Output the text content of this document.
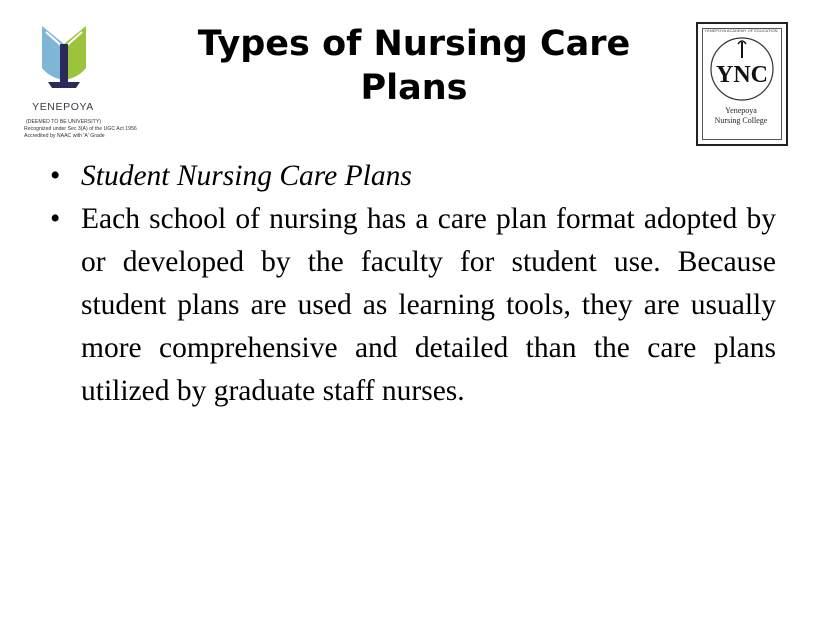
YENEPOYA
(DEEMED TO BE UNIVERSITY)
Recognized under Sec 3(A) of the UGC Act 1956
Accredited by NAAC with 'A' Grade
Types of Nursing Care
Plans
YENEPOYA ACADEMY OF EDUCATION
YNC
Yenepoya
Nursing College
• Student Nursing Care Plans
• Each school of nursing has a care plan format adopted by or developed by the faculty for student use. Because student plans are used as learning tools, they are usually more comprehensive and detailed than the care plans utilized by graduate staff nurses.
